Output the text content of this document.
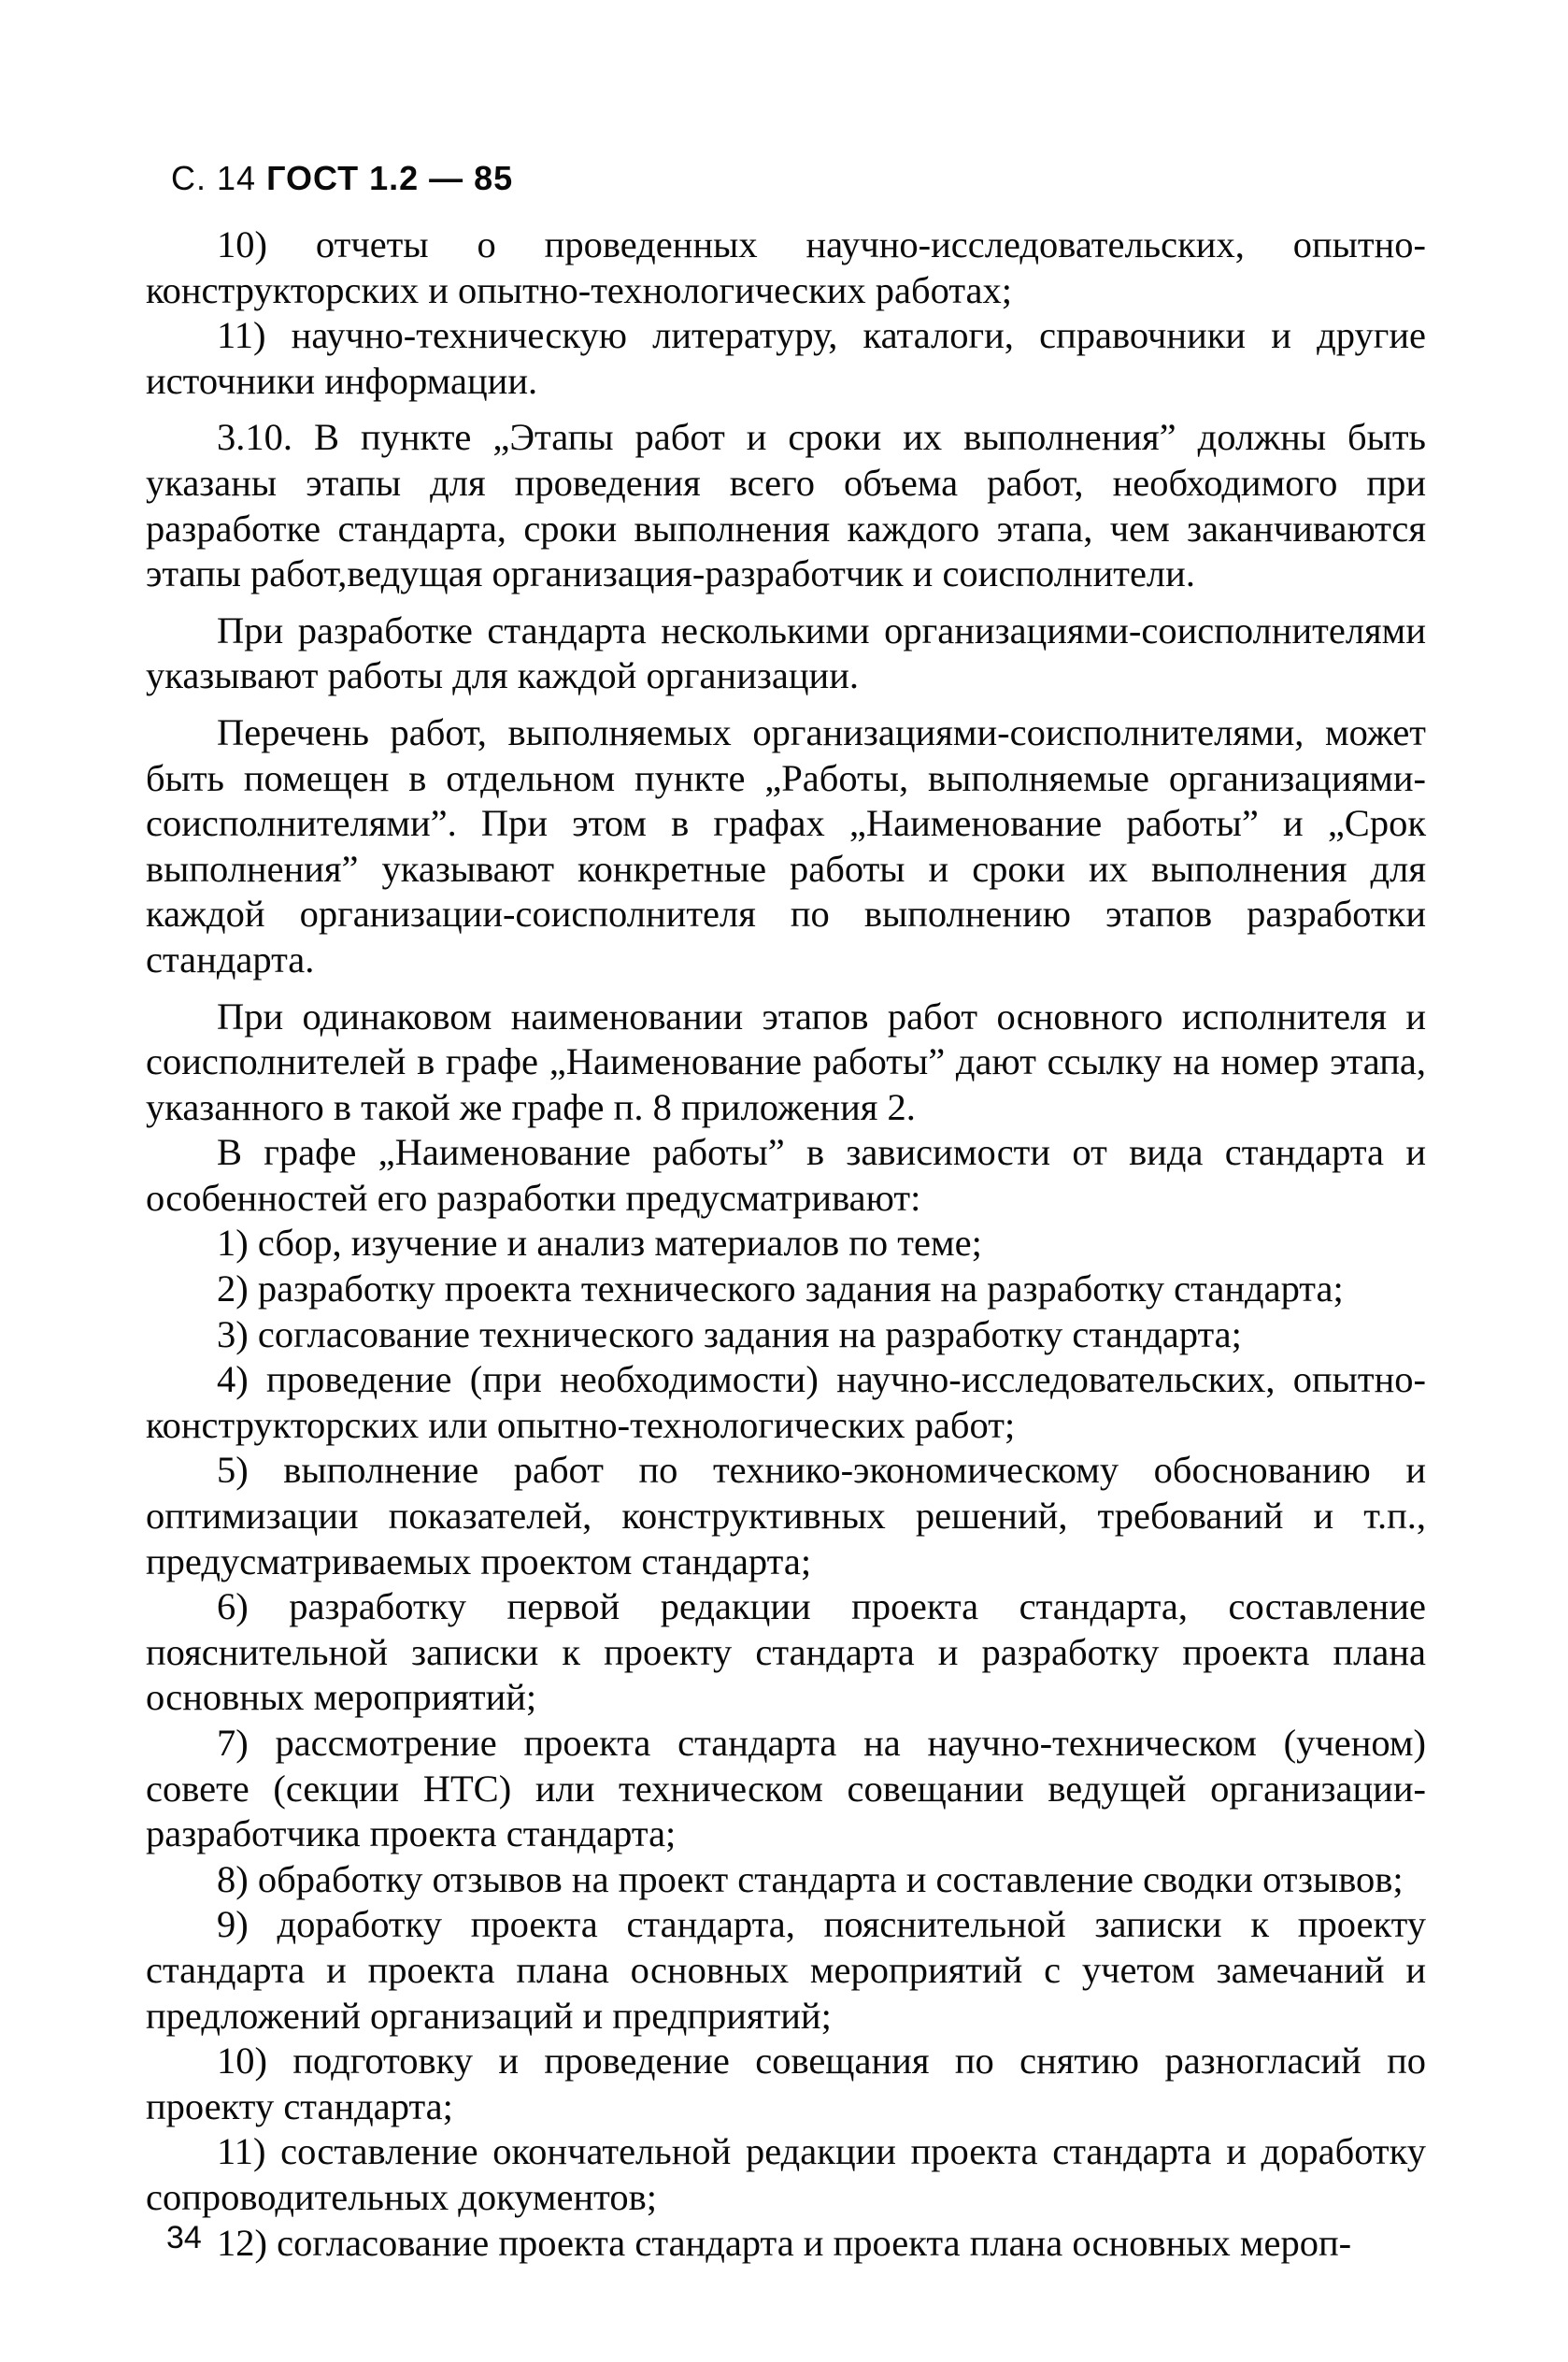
С. 14 ГОСТ 1.2 — 85

10) отчеты о проведенных научно-исследовательских, опытно-конструкторских и опытно-технологических работах;

11) научно-техническую литературу, каталоги, справочники и другие источники информации.

3.10. В пункте „Этапы работ и сроки их выполнения” должны быть указаны этапы для проведения всего объема работ, необходимого при разработке стандарта, сроки выполнения каждого этапа, чем заканчиваются этапы работ,ведущая организация-разработчик и соисполнители.

При разработке стандарта несколькими организациями-соисполнителями указывают работы для каждой организации.

Перечень работ, выполняемых организациями-соисполнителями, может быть помещен в отдельном пункте „Работы, выполняемые организациями-соисполнителями”. При этом в графах „Наименование работы” и „Срок выполнения” указывают конкретные работы и сроки их выполнения для каждой организации-соисполнителя по выполнению этапов разработки стандарта.

При одинаковом наименовании этапов работ основного исполнителя и соисполнителей в графе „Наименование работы” дают ссылку на номер этапа, указанного в такой же графе п. 8 приложения 2.

В графе „Наименование работы” в зависимости от вида стандарта и особенностей его разработки предусматривают:

1) сбор, изучение и анализ материалов по теме;

2) разработку проекта технического задания на разработку стандарта;

3) согласование технического задания на разработку стандарта;

4) проведение (при необходимости) научно-исследовательских, опытно-конструкторских или опытно-технологических работ;

5) выполнение работ по технико-экономическому обоснованию и оптимизации показателей, конструктивных решений, требований и т.п., предусматриваемых проектом стандарта;

6) разработку первой редакции проекта стандарта, составление пояснительной записки к проекту стандарта и разработку проекта плана основных мероприятий;

7) рассмотрение проекта стандарта на научно-техническом (ученом) совете (секции НТС) или техническом совещании ведущей организации-разработчика проекта стандарта;

8) обработку отзывов на проект стандарта и составление сводки отзывов;

9) доработку проекта стандарта, пояснительной записки к проекту стандарта и проекта плана основных мероприятий с учетом замечаний и предложений организаций и предприятий;

10) подготовку и проведение совещания по снятию разногласий по проекту стандарта;

11) составление окончательной редакции проекта стандарта и доработку сопроводительных документов;

12) согласование проекта стандарта и проекта плана основных мероп-

34
